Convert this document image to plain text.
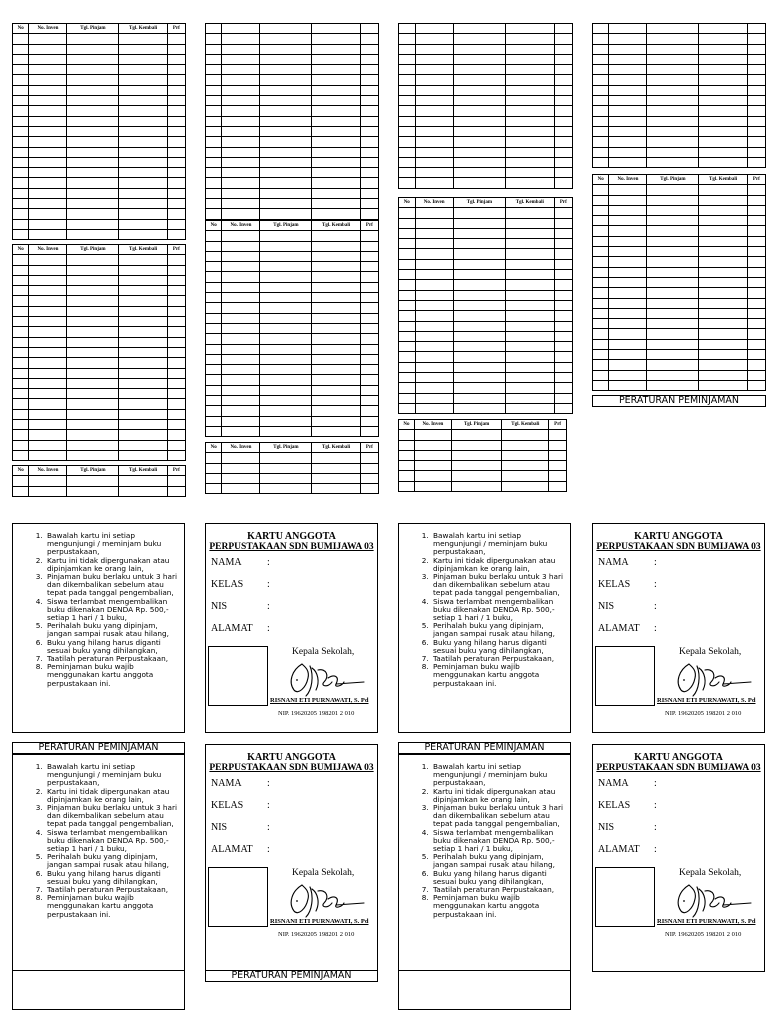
No	No. Inven	Tgl. Pinjam	Tgl. Kembali	Prf

No	No. Inven	Tgl. Pinjam	Tgl. Kembali	Prf

No	No. Inven	Tgl. Pinjam	Tgl. Kembali	Prf

No	No. Inven	Tgl. Pinjam	Tgl. Kembali	Prf

No	No. Inven	Tgl. Pinjam	Tgl. Kembali	Prf

No	No. Inven	Tgl. Pinjam	Tgl. Kembali	Prf

No	No. Inven	Tgl. Pinjam	Tgl. Kembali	Prf

No	No. Inven	Tgl. Pinjam	Tgl. Kembali	Prf

PERATURAN PEMINJAMAN
1. Bawalah kartu ini setiap mengunjungi / meminjam buku perpustakaan,
2. Kartu ini tidak dipergunakan atau dipinjamkan ke orang lain,
3. Pinjaman buku berlaku untuk 3 hari dan dikembalikan sebelum atau tepat pada tanggal pengembalian,
4. Siswa terlambat mengembalikan buku dikenakan DENDA Rp. 500,- setiap 1 hari / 1 buku,
5. Perihalah buku yang dipinjam, jangan sampai rusak atau hilang,
6. Buku yang hilang harus diganti sesuai buku yang dihilangkan,
7. Taatilah peraturan Perpustakaan,
8. Peminjaman buku wajib menggunakan kartu anggota perpustakaan ini.
KARTU ANGGOTA
PERPUSTAKAAN SDN BUMIJAWA 03
NAMA	:
KELAS :
NIS	:
ALAMAT :
Kepala Sekolah,
RISNANI ETI PURNAWATI, S. Pd
NIP. 19620205 198201 2 010
1. Bawalah kartu ini setiap mengunjungi / meminjam buku perpustakaan,
2. Kartu ini tidak dipergunakan atau dipinjamkan ke orang lain,
3. Pinjaman buku berlaku untuk 3 hari dan dikembalikan sebelum atau tepat pada tanggal pengembalian,
4. Siswa terlambat mengembalikan buku dikenakan DENDA Rp. 500,- setiap 1 hari / 1 buku,
5. Perihalah buku yang dipinjam, jangan sampai rusak atau hilang,
6. Buku yang hilang harus diganti sesuai buku yang dihilangkan,
7. Taatilah peraturan Perpustakaan,
8. Peminjaman buku wajib menggunakan kartu anggota perpustakaan ini.
KARTU ANGGOTA
PERPUSTAKAAN SDN BUMIJAWA 03
NAMA	:
KELAS :
NIS	:
ALAMAT :
Kepala Sekolah,
RISNANI ETI PURNAWATI, S. Pd
NIP. 19620205 198201 2 010
PERATURAN PEMINJAMAN
1. Bawalah kartu ini setiap mengunjungi / meminjam buku perpustakaan,
2. Kartu ini tidak dipergunakan atau dipinjamkan ke orang lain,
3. Pinjaman buku berlaku untuk 3 hari dan dikembalikan sebelum atau tepat pada tanggal pengembalian,
4. Siswa terlambat mengembalikan buku dikenakan DENDA Rp. 500,- setiap 1 hari / 1 buku,
5. Perihalah buku yang dipinjam, jangan sampai rusak atau hilang,
6. Buku yang hilang harus diganti sesuai buku yang dihilangkan,
7. Taatilah peraturan Perpustakaan,
8. Peminjaman buku wajib menggunakan kartu anggota perpustakaan ini.
KARTU ANGGOTA
PERPUSTAKAAN SDN BUMIJAWA 03
NAMA	:
KELAS :
NIS	:
ALAMAT :
Kepala Sekolah,
RISNANI ETI PURNAWATI, S. Pd
NIP. 19620205 198201 2 010
PERATURAN PEMINJAMAN
1. Bawalah kartu ini setiap mengunjungi / meminjam buku perpustakaan,
2. Kartu ini tidak dipergunakan atau dipinjamkan ke orang lain,
3. Pinjaman buku berlaku untuk 3 hari dan dikembalikan sebelum atau tepat pada tanggal pengembalian,
4. Siswa terlambat mengembalikan buku dikenakan DENDA Rp. 500,- setiap 1 hari / 1 buku,
5. Perihalah buku yang dipinjam, jangan sampai rusak atau hilang,
6. Buku yang hilang harus diganti sesuai buku yang dihilangkan,
7. Taatilah peraturan Perpustakaan,
8. Peminjaman buku wajib menggunakan kartu anggota perpustakaan ini.
KARTU ANGGOTA
PERPUSTAKAAN SDN BUMIJAWA 03
NAMA	:
KELAS :
NIS	:
ALAMAT :
Kepala Sekolah,
RISNANI ETI PURNAWATI, S. Pd
NIP. 19620205 198201 2 010
PERATURAN PEMINJAMAN
